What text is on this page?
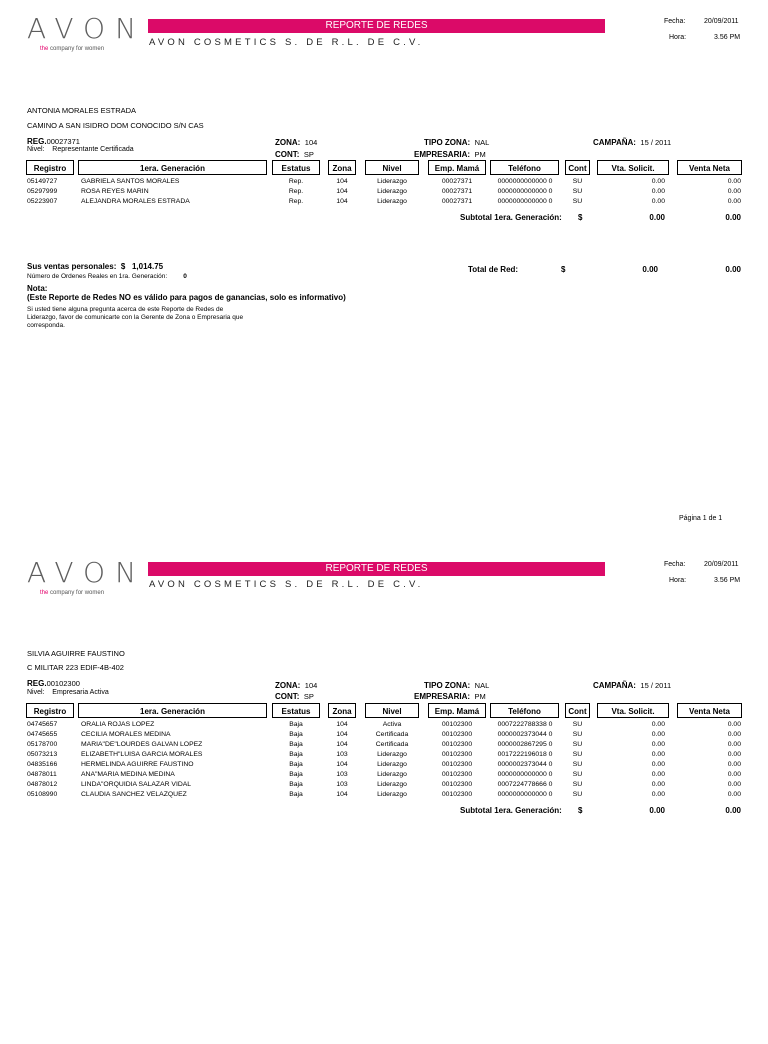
AVON
the company for women
REPORTE DE REDES
AVON COSMETICS S. DE R.L. DE C.V.
Fecha:	20/09/2011
Hora:	3.56 PM
ANTONIA MORALES ESTRADA
CAMINO A SAN ISIDRO DOM CONOCIDO S/N CAS
REG.00027371	ZONA: 104	TIPO ZONA: NAL	CAMPAÑA: 15 / 2011
Nivel: Representante Certificada
CONT: SP	EMPRESARIA: PM
Registro	1era. Generación	Estatus	Zona	Nivel	Emp. Mamá	Teléfono	Cont	Vta. Solicit.	Venta Neta
05149727	GABRIELA SANTOS MORALES	Rep.	104	Liderazgo	00027371	0000000000000 0	SU	0.00	0.00
05297999	ROSA REYES MARIN	Rep.	104	Liderazgo	00027371	0000000000000 0	SU	0.00	0.00
05223907	ALEJANDRA MORALES ESTRADA	Rep.	104	Liderazgo	00027371	0000000000000 0	SU	0.00	0.00
Subtotal 1era. Generación: $	0.00	0.00
Sus ventas personales: $ 1,014.75
Número de Ordenes Reales en 1ra. Generación: 0
Total de Red:	$	0.00	0.00
Nota:
(Este Reporte de Redes NO es válido para pagos de ganancias, solo es informativo)
Si usted tiene alguna pregunta acerca de este Reporte de Redes de
Liderazgo, favor de comunicarte con la Gerente de Zona o Empresaria que
corresponda.
Página 1 de 1
AVON
the company for women
REPORTE DE REDES
AVON COSMETICS S. DE R.L. DE C.V.
Fecha:	20/09/2011
Hora:	3.56 PM
SILVIA AGUIRRE FAUSTINO
C MILITAR 223 EDIF-4B-402
REG.00102300	ZONA: 104	TIPO ZONA: NAL	CAMPAÑA: 15 / 2011
Nivel: Empresaria Activa	CONT: SP	EMPRESARIA: PM
Registro	1era. Generación	Estatus	Zona	Nivel	Emp. Mamá	Teléfono	Cont	Vta. Solicit.	Venta Neta
04745657	ORALIA ROJAS LOPEZ	Baja	104	Activa	00102300	0007222788338 0	SU	0.00	0.00
04745655	CECILIA MORALES MEDINA	Baja	104	Certificada	00102300	0000002373044 0	SU	0.00	0.00
05178700	MARIA"DE"LOURDES GALVAN LOPEZ	Baja	104	Certificada	00102300	0000002867295 0	SU	0.00	0.00
05073213	ELIZABETH"LUISA GARCIA MORALES	Baja	103	Liderazgo	00102300	0017222196018 0	SU	0.00	0.00
04835166	HERMELINDA AGUIRRE FAUSTINO	Baja	104	Liderazgo	00102300	0000002373044 0	SU	0.00	0.00
04878011	ANA"MARIA MEDINA MEDINA	Baja	103	Liderazgo	00102300	0000000000000 0	SU	0.00	0.00
04878012	LINDA"ORQUIDIA SALAZAR VIDAL	Baja	103	Liderazgo	00102300	0007224778666 0	SU	0.00	0.00
05108990	CLAUDIA SANCHEZ VELAZQUEZ	Baja	104	Liderazgo	00102300	0000000000000 0	SU	0.00	0.00
Subtotal 1era. Generación: $	0.00	0.00
